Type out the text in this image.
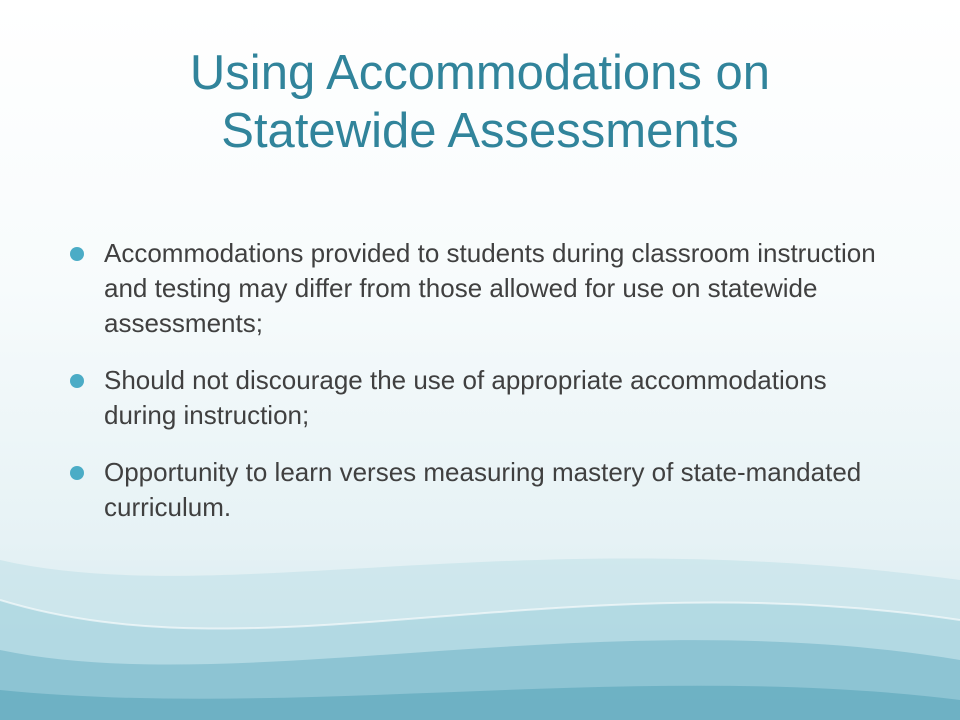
Using Accommodations on
Statewide Assessments
Accommodations provided to students during classroom instruction and testing may differ from those allowed for use on statewide assessments;
Should not discourage the use of appropriate accommodations during instruction;
Opportunity to learn verses measuring mastery of state-mandated curriculum.
